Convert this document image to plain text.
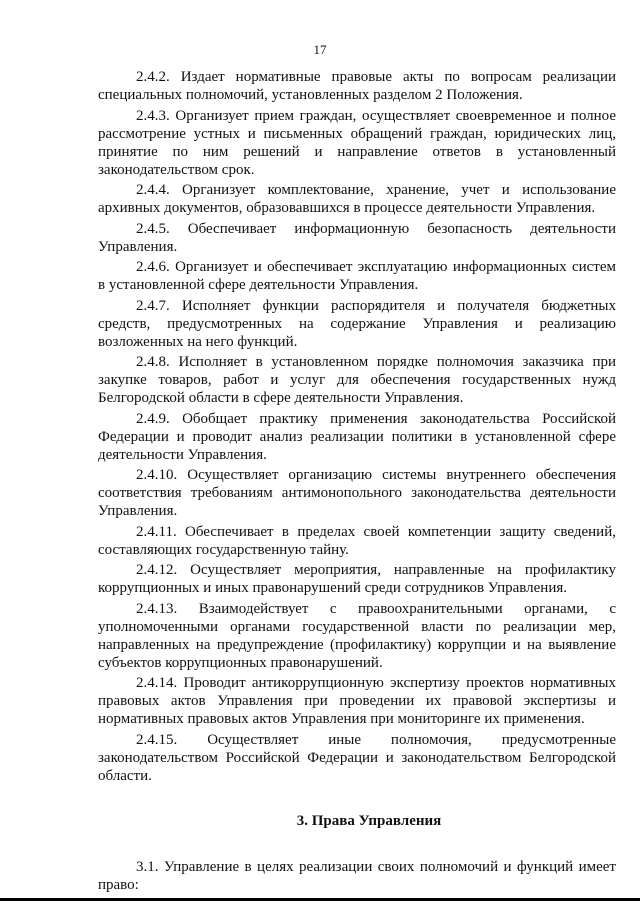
17

2.4.2. Издает нормативные правовые акты по вопросам реализации специальных полномочий, установленных разделом 2 Положения.

2.4.3. Организует прием граждан, осуществляет своевременное и полное рассмотрение устных и письменных обращений граждан, юридических лиц, принятие по ним решений и направление ответов в установленный законодательством срок.

2.4.4. Организует комплектование, хранение, учет и использование архивных документов, образовавшихся в процессе деятельности Управления.

2.4.5. Обеспечивает информационную безопасность деятельности Управления.

2.4.6. Организует и обеспечивает эксплуатацию информационных систем в установленной сфере деятельности Управления.

2.4.7. Исполняет функции распорядителя и получателя бюджетных средств, предусмотренных на содержание Управления и реализацию возложенных на него функций.

2.4.8. Исполняет в установленном порядке полномочия заказчика при закупке товаров, работ и услуг для обеспечения государственных нужд Белгородской области в сфере деятельности Управления.

2.4.9. Обобщает практику применения законодательства Российской Федерации и проводит анализ реализации политики в установленной сфере деятельности Управления.

2.4.10. Осуществляет организацию системы внутреннего обеспечения соответствия требованиям антимонопольного законодательства деятельности Управления.

2.4.11. Обеспечивает в пределах своей компетенции защиту сведений, составляющих государственную тайну.

2.4.12. Осуществляет мероприятия, направленные на профилактику коррупционных и иных правонарушений среди сотрудников Управления.

2.4.13. Взаимодействует с правоохранительными органами, с уполномоченными органами государственной власти по реализации мер, направленных на предупреждение (профилактику) коррупции и на выявление субъектов коррупционных правонарушений.

2.4.14. Проводит антикоррупционную экспертизу проектов нормативных правовых актов Управления при проведении их правовой экспертизы и нормативных правовых актов Управления при мониторинге их применения.

2.4.15. Осуществляет иные полномочия, предусмотренные законодательством Российской Федерации и законодательством Белгородской области.

3. Права Управления

3.1. Управление в целях реализации своих полномочий и функций имеет право:
